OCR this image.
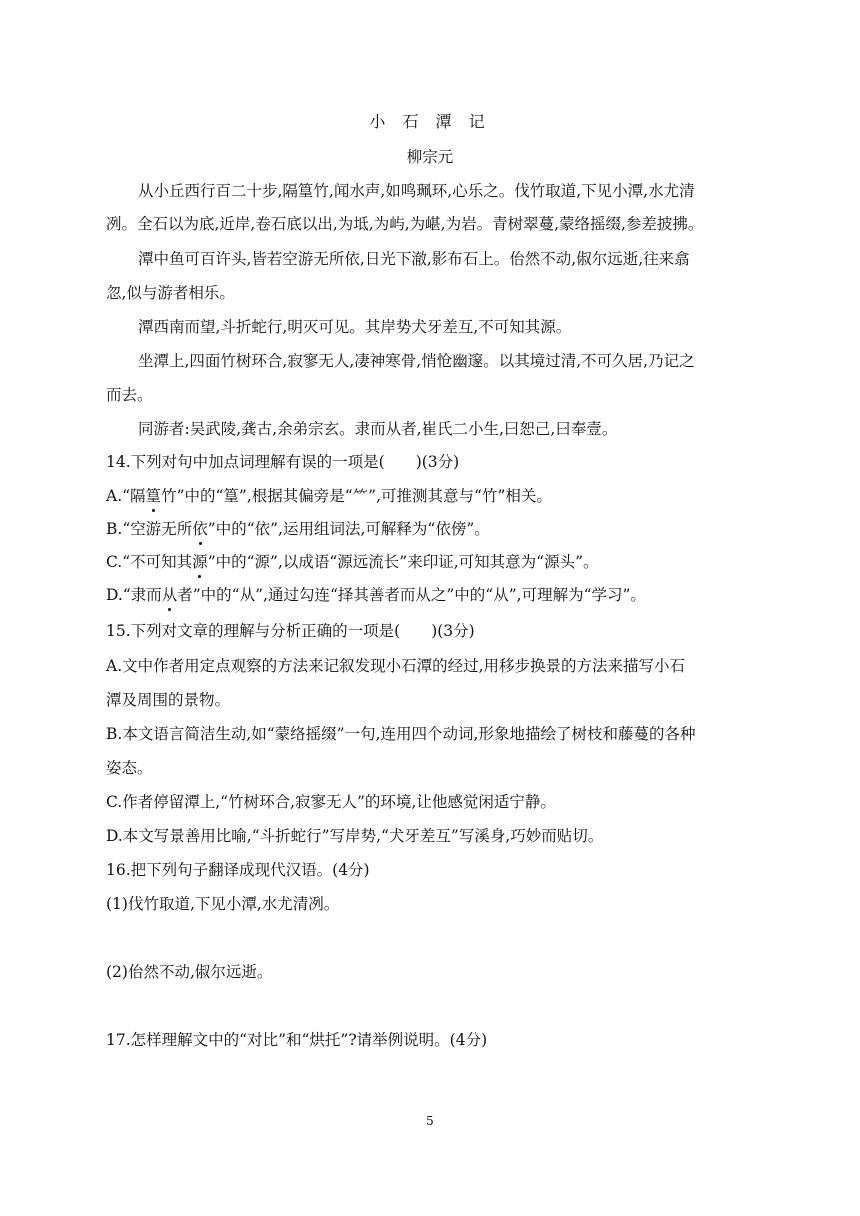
小 石 潭 记
柳宗元
从小丘西行百二十步,隔篁竹,闻水声,如鸣珮环,心乐之。伐竹取道,下见小潭,水尤清
冽。全石以为底,近岸,卷石底以出,为坻,为屿,为嵁,为岩。青树翠蔓,蒙络摇缀,参差披拂。
潭中鱼可百许头,皆若空游无所依,日光下澈,影布石上。佁然不动,俶尔远逝,往来翕
忽,似与游者相乐。
潭西南而望,斗折蛇行,明灭可见。其岸势犬牙差互,不可知其源。
坐潭上,四面竹树环合,寂寥无人,凄神寒骨,悄怆幽邃。以其境过清,不可久居,乃记之
而去。
同游者:吴武陵,龚古,余弟宗玄。隶而从者,崔氏二小生,曰恕己,曰奉壹。
14.下列对句中加点词理解有误的一项是(　　)(3分)
A.“隔篁竹”中的“篁”,根据其偏旁是“⺮”,可推测其意与“竹”相关。
B.“空游无所依”中的“依”,运用组词法,可解释为“依傍”。
C.“不可知其源”中的“源”,以成语“源远流长”来印证,可知其意为“源头”。
D.“隶而从者”中的“从”,通过勾连“择其善者而从之”中的“从”,可理解为“学习”。
15.下列对文章的理解与分析正确的一项是(　　)(3分)
A.文中作者用定点观察的方法来记叙发现小石潭的经过,用移步换景的方法来描写小石
潭及周围的景物。
B.本文语言简洁生动,如“蒙络摇缀”一句,连用四个动词,形象地描绘了树枝和藤蔓的各种
姿态。
C.作者停留潭上,“竹树环合,寂寥无人”的环境,让他感觉闲适宁静。
D.本文写景善用比喻,“斗折蛇行”写岸势,“犬牙差互”写溪身,巧妙而贴切。
16.把下列句子翻译成现代汉语。(4分)
(1)伐竹取道,下见小潭,水尤清冽。
(2)佁然不动,俶尔远逝。
17.怎样理解文中的“对比”和“烘托”?请举例说明。(4分)
5
